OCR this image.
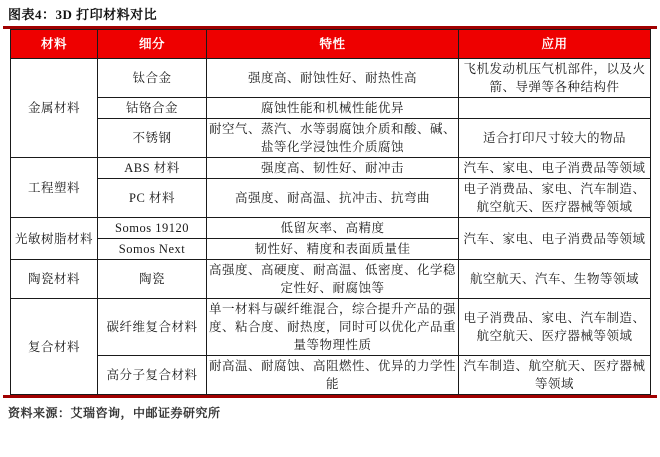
图表4：3D 打印材料对比
材料	细分	特性	应用
金属材料	钛合金	强度高、耐蚀性好、耐热性高	飞机发动机压气机部件，以及火箭、导弹等各种结构件
	钴铬合金	腐蚀性能和机械性能优异	
	不锈钢	耐空气、蒸汽、水等弱腐蚀介质和酸、碱、盐等化学浸蚀性介质腐蚀	适合打印尺寸较大的物品
工程塑料	ABS 材料	强度高、韧性好、耐冲击	汽车、家电、电子消费品等领域
	PC 材料	高强度、耐高温、抗冲击、抗弯曲	电子消费品、家电、汽车制造、航空航天、医疗器械等领域
光敏树脂材料	Somos 19120	低留灰率、高精度	汽车、家电、电子消费品等领域
	Somos Next	韧性好、精度和表面质量佳	
陶瓷材料	陶瓷	高强度、高硬度、耐高温、低密度、化学稳定性好、耐腐蚀等	航空航天、汽车、生物等领域
复合材料	碳纤维复合材料	单一材料与碳纤维混合，综合提升产品的强度、粘合度、耐热度，同时可以优化产品重量等物理性质	电子消费品、家电、汽车制造、航空航天、医疗器械等领域
	高分子复合材料	耐高温、耐腐蚀、高阻燃性、优异的力学性能	汽车制造、航空航天、医疗器械等领域
资料来源：艾瑞咨询，中邮证券研究所
